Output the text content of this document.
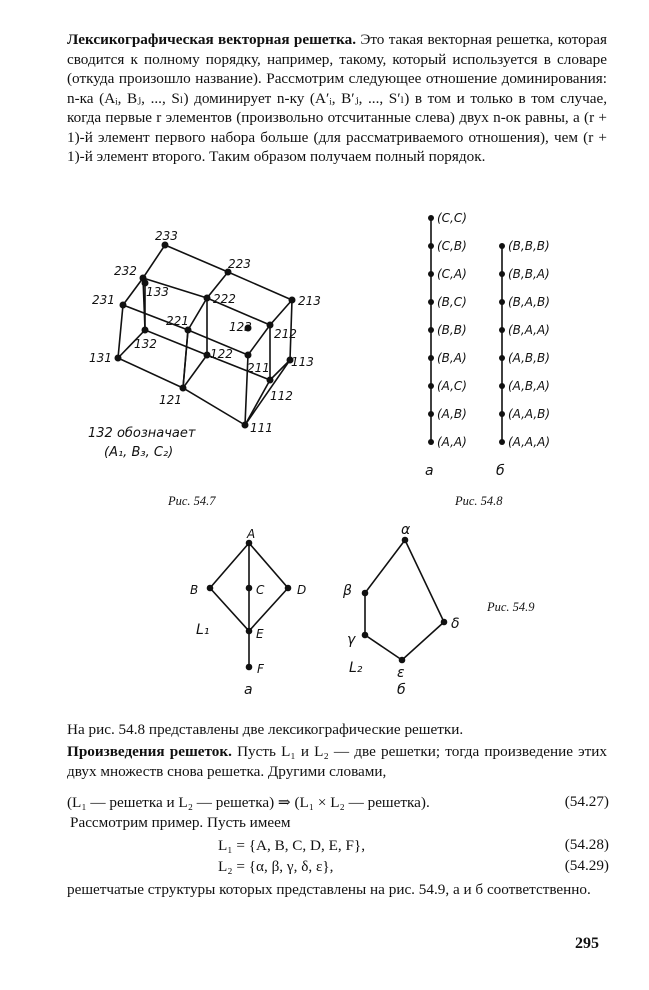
Лексикографическая векторная решетка. Это такая векторная решетка, которая сводится к полному порядку, например, такому, который используется в словаре (откуда произошло название). Рассмотрим следующее отношение доминирования: n-ка (Aᵢ, Bⱼ, ..., Sₗ) доминирует n-ку (A′ᵢ, B′ⱼ, ..., S′ₗ) в том и только в том случае, когда первые r элементов (произвольно отсчитанные слева) двух n-ок равны, а (r + 1)-й элемент первого набора больше (для рассматриваемого отношения), чем (r + 1)-й элемент второго. Таким образом получаем полный порядок.

233
232	223
231
133	222	213
221	123 212
132
131	122
211 113
121	112
111
132 обозначает
(A₁, B₃, C₂)
Рис. 54.7
(C,C)
(C,B)
(C,A)
(B,C)
(B,B)
(B,A)
(A,C)
(A,B)
(A,A)
(B,B,B)
(B,B,A)
(B,A,B)
(B,A,A)
(A,B,B)
(A,B,A)
(A,A,B)
(A,A,A)
а	б
Рис. 54.8
A
B	C	D
E
F
L₁
а
α
β
γ
δ
ε
L₂
б
Рис. 54.9

На рис. 54.8 представлены две лексикографические решетки.

Произведения решеток. Пусть L₁ и L₂ — две решетки; тогда произведение этих двух множеств снова решетка. Другими словами,

(L₁ — решетка и L₂ — решетка) ⇒ (L₁ × L₂ — решетка).	(54.27)
Рассмотрим пример. Пусть имеем
L₁ = {A, B, C, D, E, F},	(54.28)
L₂ = {α, β, γ, δ, ε},	(54.29)

решетчатые структуры которых представлены на рис. 54.9, а и б соответственно.

295
